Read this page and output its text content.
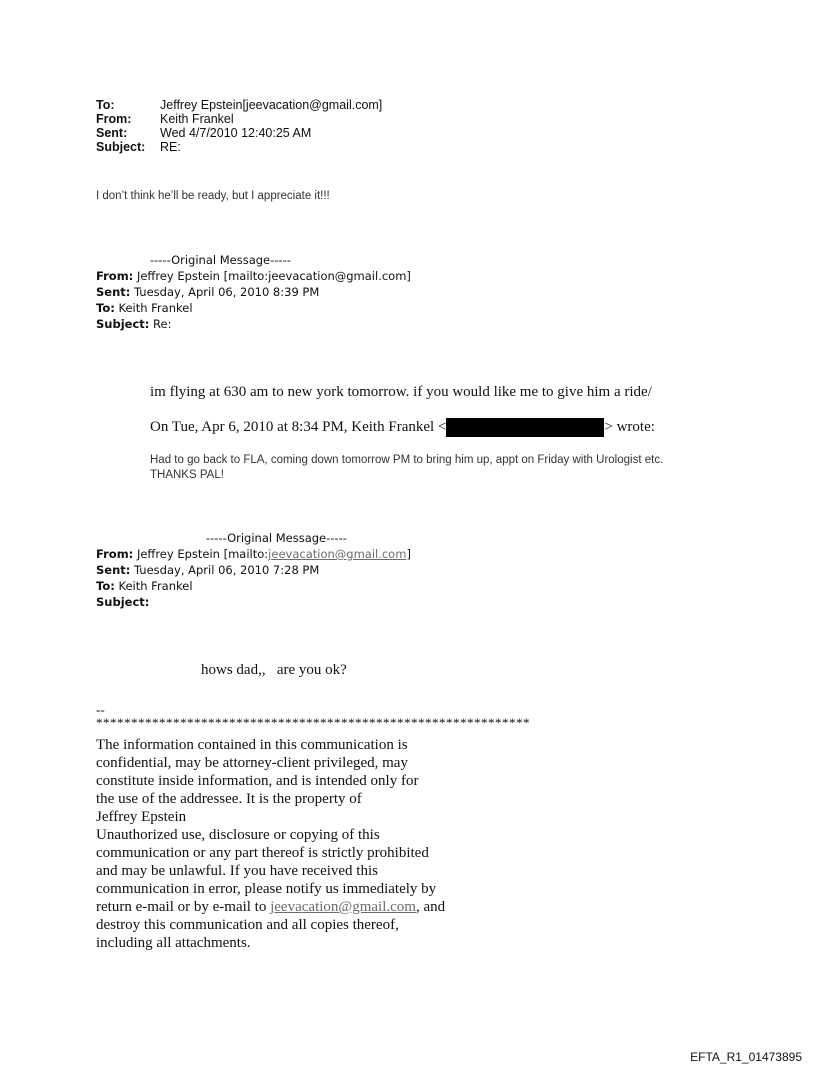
To:	Jeffrey Epstein[jeevacation@gmail.com]
From: Keith Frankel
Sent:	Wed 4/7/2010 12:40:25 AM
Subject: RE:
I don’t think he’ll be ready, but I appreciate it!!!
-----Original Message-----
From: Jeffrey Epstein [mailto:jeevacation@gmail.com]
Sent: Tuesday, April 06, 2010 8:39 PM
To: Keith Frankel
Subject: Re:
im flying at 630 am to new york tomorrow. if you would like me to give him a ride/
On Tue, Apr 6, 2010 at 8:34 PM, Keith Frankel <	> wrote:
Had to go back to FLA, coming down tomorrow PM to bring him up, appt on Friday with Urologist etc. THANKS PAL!
-----Original Message-----
From: Jeffrey Epstein [mailto:jeevacation@gmail.com]
Sent: Tuesday, April 06, 2010 7:28 PM
To: Keith Frankel
Subject:
hows dad,,   are you ok?
--
**************************************************************
The information contained in this communication is
confidential, may be attorney-client privileged, may
constitute inside information, and is intended only for
the use of the addressee. It is the property of
Jeffrey Epstein
Unauthorized use, disclosure or copying of this
communication or any part thereof is strictly prohibited
and may be unlawful. If you have received this
communication in error, please notify us immediately by
return e-mail or by e-mail to jeevacation@gmail.com, and
destroy this communication and all copies thereof,
including all attachments.
EFTA_R1_01473895
